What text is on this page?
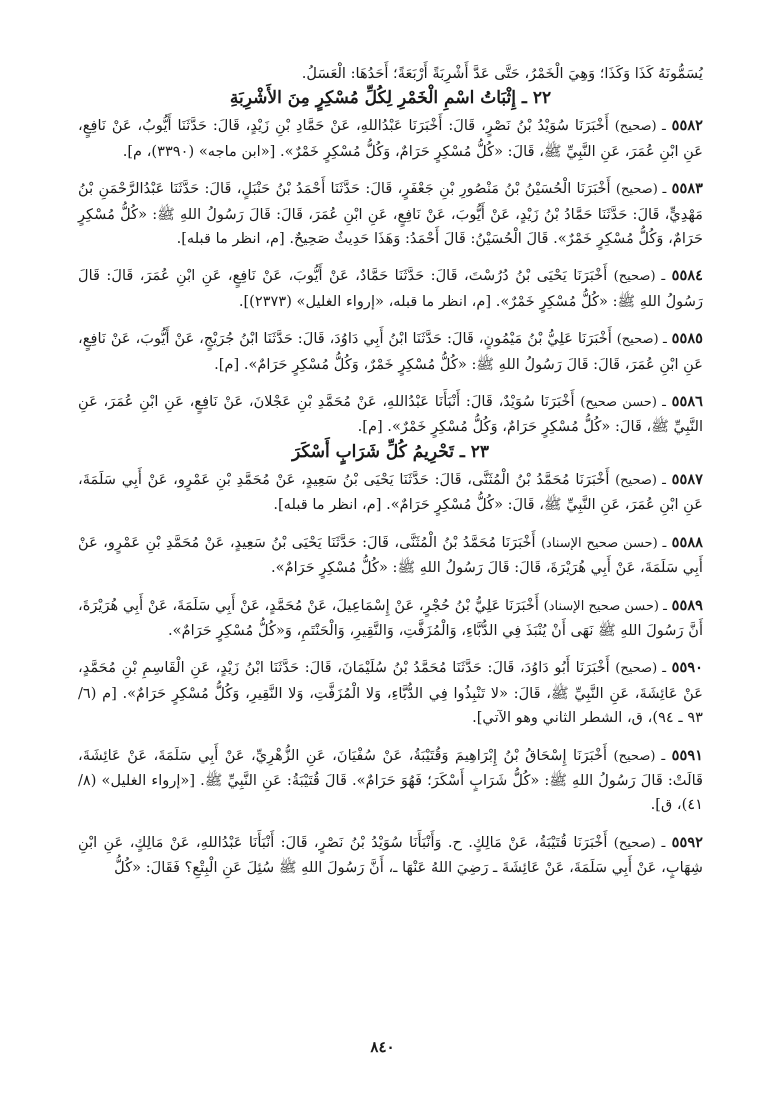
يُسَمُّونَهُ كَذَا وَكَذَا؛ وَهِيَ الْخَمْرُ، حَتَّى عَدَّ أَشْرِبَةً أَرْبَعَةً؛ أَحَدُهَا: الْعَسَلُ.

٢٢ ـ إِثْبَاتُ اسْمِ الْخَمْرِ لِكُلِّ مُسْكِرٍ مِنَ الأَشْرِبَةِ

٥٥٨٢ ـ (صحيح) أَخْبَرَنَا سُوَيْدُ بْنُ نَصْرٍ، قَالَ: أَخْبَرَنَا عَبْدُاللهِ، عَنْ حَمَّادِ بْنِ زَيْدٍ، قَالَ: حَدَّثَنَا أَيُّوبُ، عَنْ نَافِعٍ، عَنِ ابْنِ عُمَرَ، عَنِ النَّبِيِّ ﷺ، قَالَ: «كُلُّ مُسْكِرٍ حَرَامٌ، وَكُلُّ مُسْكِرٍ خَمْرٌ». [«ابن ماجه» (٣٣٩٠)، م].

٥٥٨٣ ـ (صحيح) أَخْبَرَنَا الْحُسَيْنُ بْنُ مَنْصُورِ بْنِ جَعْفَرٍ، قَالَ: حَدَّثَنَا أَحْمَدُ بْنُ حَنْبَلٍ، قَالَ: حَدَّثَنَا عَبْدُالرَّحْمَنِ بْنُ مَهْدِيٍّ، قَالَ: حَدَّثَنَا حَمَّادُ بْنُ زَيْدٍ، عَنْ أَيُّوبَ، عَنْ نَافِعٍ، عَنِ ابْنِ عُمَرَ، قَالَ: قَالَ رَسُولُ اللهِ ﷺ: «كُلُّ مُسْكِرٍ حَرَامٌ، وَكُلُّ مُسْكِرٍ خَمْرٌ». قَالَ الْحُسَيْنُ: قَالَ أَحْمَدُ: وَهَذَا حَدِيثٌ صَحِيحٌ. [م، انظر ما قبله].

٥٥٨٤ ـ (صحيح) أَخْبَرَنَا يَحْيَى بْنُ دُرُسْتَ، قَالَ: حَدَّثَنَا حَمَّادٌ، عَنْ أَيُّوبَ، عَنْ نَافِعٍ، عَنِ ابْنِ عُمَرَ، قَالَ: قَالَ رَسُولُ اللهِ ﷺ: «كُلُّ مُسْكِرٍ خَمْرٌ». [م، انظر ما قبله، «إرواء الغليل» (٢٣٧٣)].

٥٥٨٥ ـ (صحيح) أَخْبَرَنَا عَلِيُّ بْنُ مَيْمُونٍ، قَالَ: حَدَّثَنَا ابْنُ أَبِي دَاوُدَ، قَالَ: حَدَّثَنَا ابْنُ جُرَيْجٍ، عَنْ أَيُّوبَ، عَنْ نَافِعٍ، عَنِ ابْنِ عُمَرَ، قَالَ: قَالَ رَسُولُ اللهِ ﷺ: «كُلُّ مُسْكِرٍ خَمْرٌ، وَكُلُّ مُسْكِرٍ حَرَامٌ». [م].

٥٥٨٦ ـ (حسن صحيح) أَخْبَرَنَا سُوَيْدٌ، قَالَ: أَنْبَأَنَا عَبْدُاللهِ، عَنْ مُحَمَّدِ بْنِ عَجْلانَ، عَنْ نَافِعٍ، عَنِ ابْنِ عُمَرَ، عَنِ النَّبِيِّ ﷺ، قَالَ: «كُلُّ مُسْكِرٍ حَرَامٌ، وَكُلُّ مُسْكِرٍ خَمْرٌ». [م].

٢٣ ـ تَحْرِيمُ كُلِّ شَرَابٍ أَسْكَرَ

٥٥٨٧ ـ (صحيح) أَخْبَرَنَا مُحَمَّدُ بْنُ الْمُثَنَّى، قَالَ: حَدَّثَنَا يَحْيَى بْنُ سَعِيدٍ، عَنْ مُحَمَّدِ بْنِ عَمْرٍو، عَنْ أَبِي سَلَمَةَ، عَنِ ابْنِ عُمَرَ، عَنِ النَّبِيِّ ﷺ، قَالَ: «كُلُّ مُسْكِرٍ حَرَامٌ». [م، انظر ما قبله].

٥٥٨٨ ـ (حسن صحيح الإسناد) أَخْبَرَنَا مُحَمَّدُ بْنُ الْمُثَنَّى، قَالَ: حَدَّثَنَا يَحْيَى بْنُ سَعِيدٍ، عَنْ مُحَمَّدِ بْنِ عَمْرٍو، عَنْ أَبِي سَلَمَةَ، عَنْ أَبِي هُرَيْرَةَ، قَالَ: قَالَ رَسُولُ اللهِ ﷺ: «كُلُّ مُسْكِرٍ حَرَامٌ».

٥٥٨٩ ـ (حسن صحيح الإسناد) أَخْبَرَنَا عَلِيُّ بْنُ حُجْرٍ، عَنْ إِسْمَاعِيلَ، عَنْ مُحَمَّدٍ، عَنْ أَبِي سَلَمَةَ، عَنْ أَبِي هُرَيْرَةَ، أَنَّ رَسُولَ اللهِ ﷺ نَهَى أَنْ يُنْبَذَ فِي الدُّبَّاءِ، وَالْمُزَفَّتِ، وَالنَّقِيرِ، وَالْحَنْتَمِ، وَ«كُلُّ مُسْكِرٍ حَرَامٌ».

٥٥٩٠ ـ (صحيح) أَخْبَرَنَا أَبُو دَاوُدَ، قَالَ: حَدَّثَنَا مُحَمَّدُ بْنُ سُلَيْمَانَ، قَالَ: حَدَّثَنَا ابْنُ زَيْدٍ، عَنِ الْقَاسِمِ بْنِ مُحَمَّدٍ، عَنْ عَائِشَةَ، عَنِ النَّبِيِّ ﷺ، قَالَ: «لا تَنْبِذُوا فِي الدُّبَّاءِ، وَلا الْمُزَفَّتِ، وَلا النَّقِيرِ، وَكُلُّ مُسْكِرٍ حَرَامٌ». [م (٦/ ٩٣ ـ ٩٤)، ق، الشطر الثاني وهو الآتي].

٥٥٩١ ـ (صحيح) أَخْبَرَنَا إِسْحَاقُ بْنُ إِبْرَاهِيمَ وَقُتَيْبَةُ، عَنْ سُفْيَانَ، عَنِ الزُّهْرِيِّ، عَنْ أَبِي سَلَمَةَ، عَنْ عَائِشَةَ، قَالَتْ: قَالَ رَسُولُ اللهِ ﷺ: «كُلُّ شَرَابٍ أَسْكَرَ؛ فَهُوَ حَرَامٌ». قَالَ قُتَيْبَةُ: عَنِ النَّبِيِّ ﷺ. [«إرواء الغليل» (٨/ ٤١)، ق].

٥٥٩٢ ـ (صحيح) أَخْبَرَنَا قُتَيْبَةُ، عَنْ مَالِكٍ. ح. وَأَنْبَأَنَا سُوَيْدُ بْنُ نَصْرٍ، قَالَ: أَنْبَأَنَا عَبْدُاللهِ، عَنْ مَالِكٍ، عَنِ ابْنِ شِهَابٍ، عَنْ أَبِي سَلَمَةَ، عَنْ عَائِشَةَ ـ رَضِيَ اللهُ عَنْهَا ـ، أَنَّ رَسُولَ اللهِ ﷺ سُئِلَ عَنِ الْبِتْعِ؟ فَقَالَ: «كُلُّ

٨٤٠
